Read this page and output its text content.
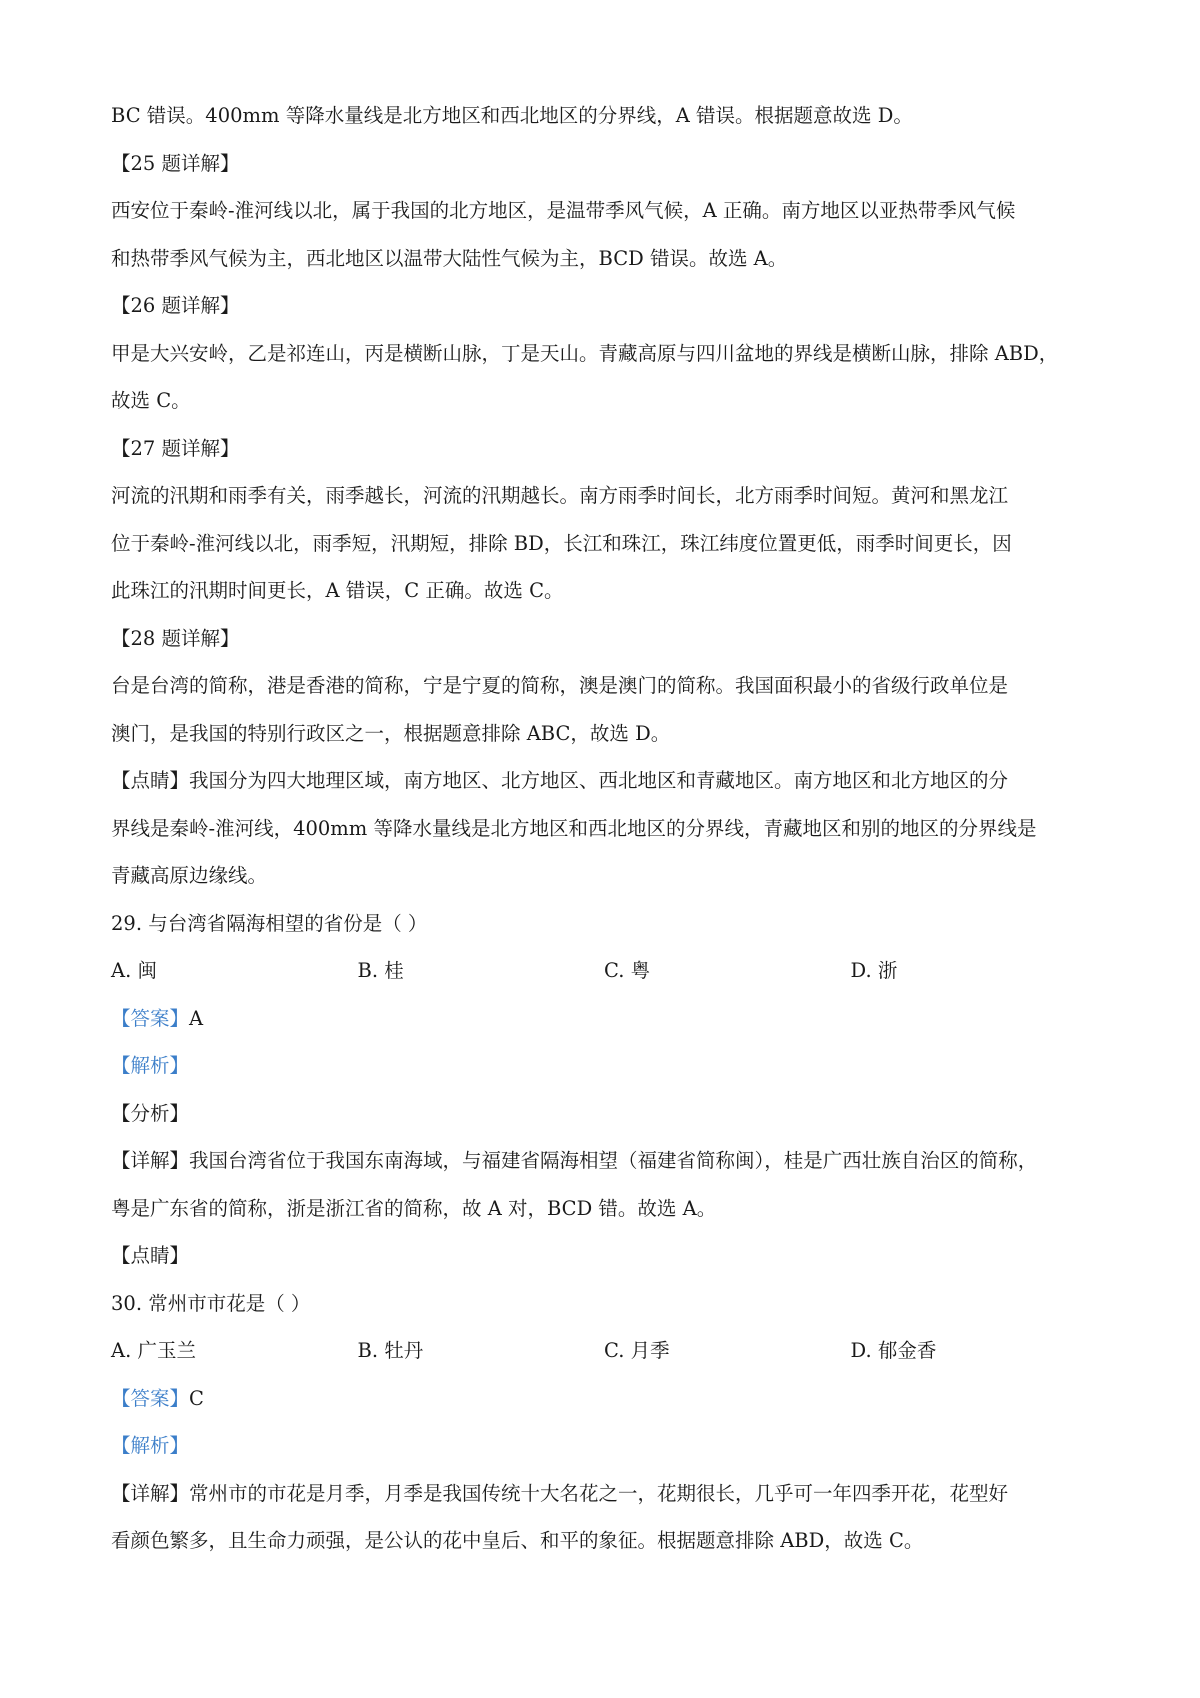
BC 错误。400mm 等降水量线是北方地区和西北地区的分界线，A 错误。根据题意故选 D。
【25 题详解】
西安位于秦岭-淮河线以北，属于我国的北方地区，是温带季风气候，A 正确。南方地区以亚热带季风气候
和热带季风气候为主，西北地区以温带大陆性气候为主，BCD 错误。故选 A。
【26 题详解】
甲是大兴安岭，乙是祁连山，丙是横断山脉，丁是天山。青藏高原与四川盆地的界线是横断山脉，排除 ABD，
故选 C。
【27 题详解】
河流的汛期和雨季有关，雨季越长，河流的汛期越长。南方雨季时间长，北方雨季时间短。黄河和黑龙江
位于秦岭-淮河线以北，雨季短，汛期短，排除 BD，长江和珠江，珠江纬度位置更低，雨季时间更长，因
此珠江的汛期时间更长，A 错误，C 正确。故选 C。
【28 题详解】
台是台湾的简称，港是香港的简称，宁是宁夏的简称，澳是澳门的简称。我国面积最小的省级行政单位是
澳门，是我国的特别行政区之一，根据题意排除 ABC，故选 D。
【点睛】我国分为四大地理区域，南方地区、北方地区、西北地区和青藏地区。南方地区和北方地区的分
界线是秦岭-淮河线，400mm 等降水量线是北方地区和西北地区的分界线，青藏地区和别的地区的分界线是
青藏高原边缘线。
29. 与台湾省隔海相望的省份是（ ）
A. 闽	B. 桂	C. 粤	D. 浙
【答案】A
【解析】
【分析】
【详解】我国台湾省位于我国东南海域，与福建省隔海相望（福建省简称闽），桂是广西壮族自治区的简称，
粤是广东省的简称，浙是浙江省的简称，故 A 对，BCD 错。故选 A。
【点睛】
30. 常州市市花是（ ）
A. 广玉兰	B. 牡丹	C. 月季	D. 郁金香
【答案】C
【解析】
【详解】常州市的市花是月季，月季是我国传统十大名花之一，花期很长，几乎可一年四季开花，花型好
看颜色繁多，且生命力顽强，是公认的花中皇后、和平的象征。根据题意排除 ABD，故选 C。
